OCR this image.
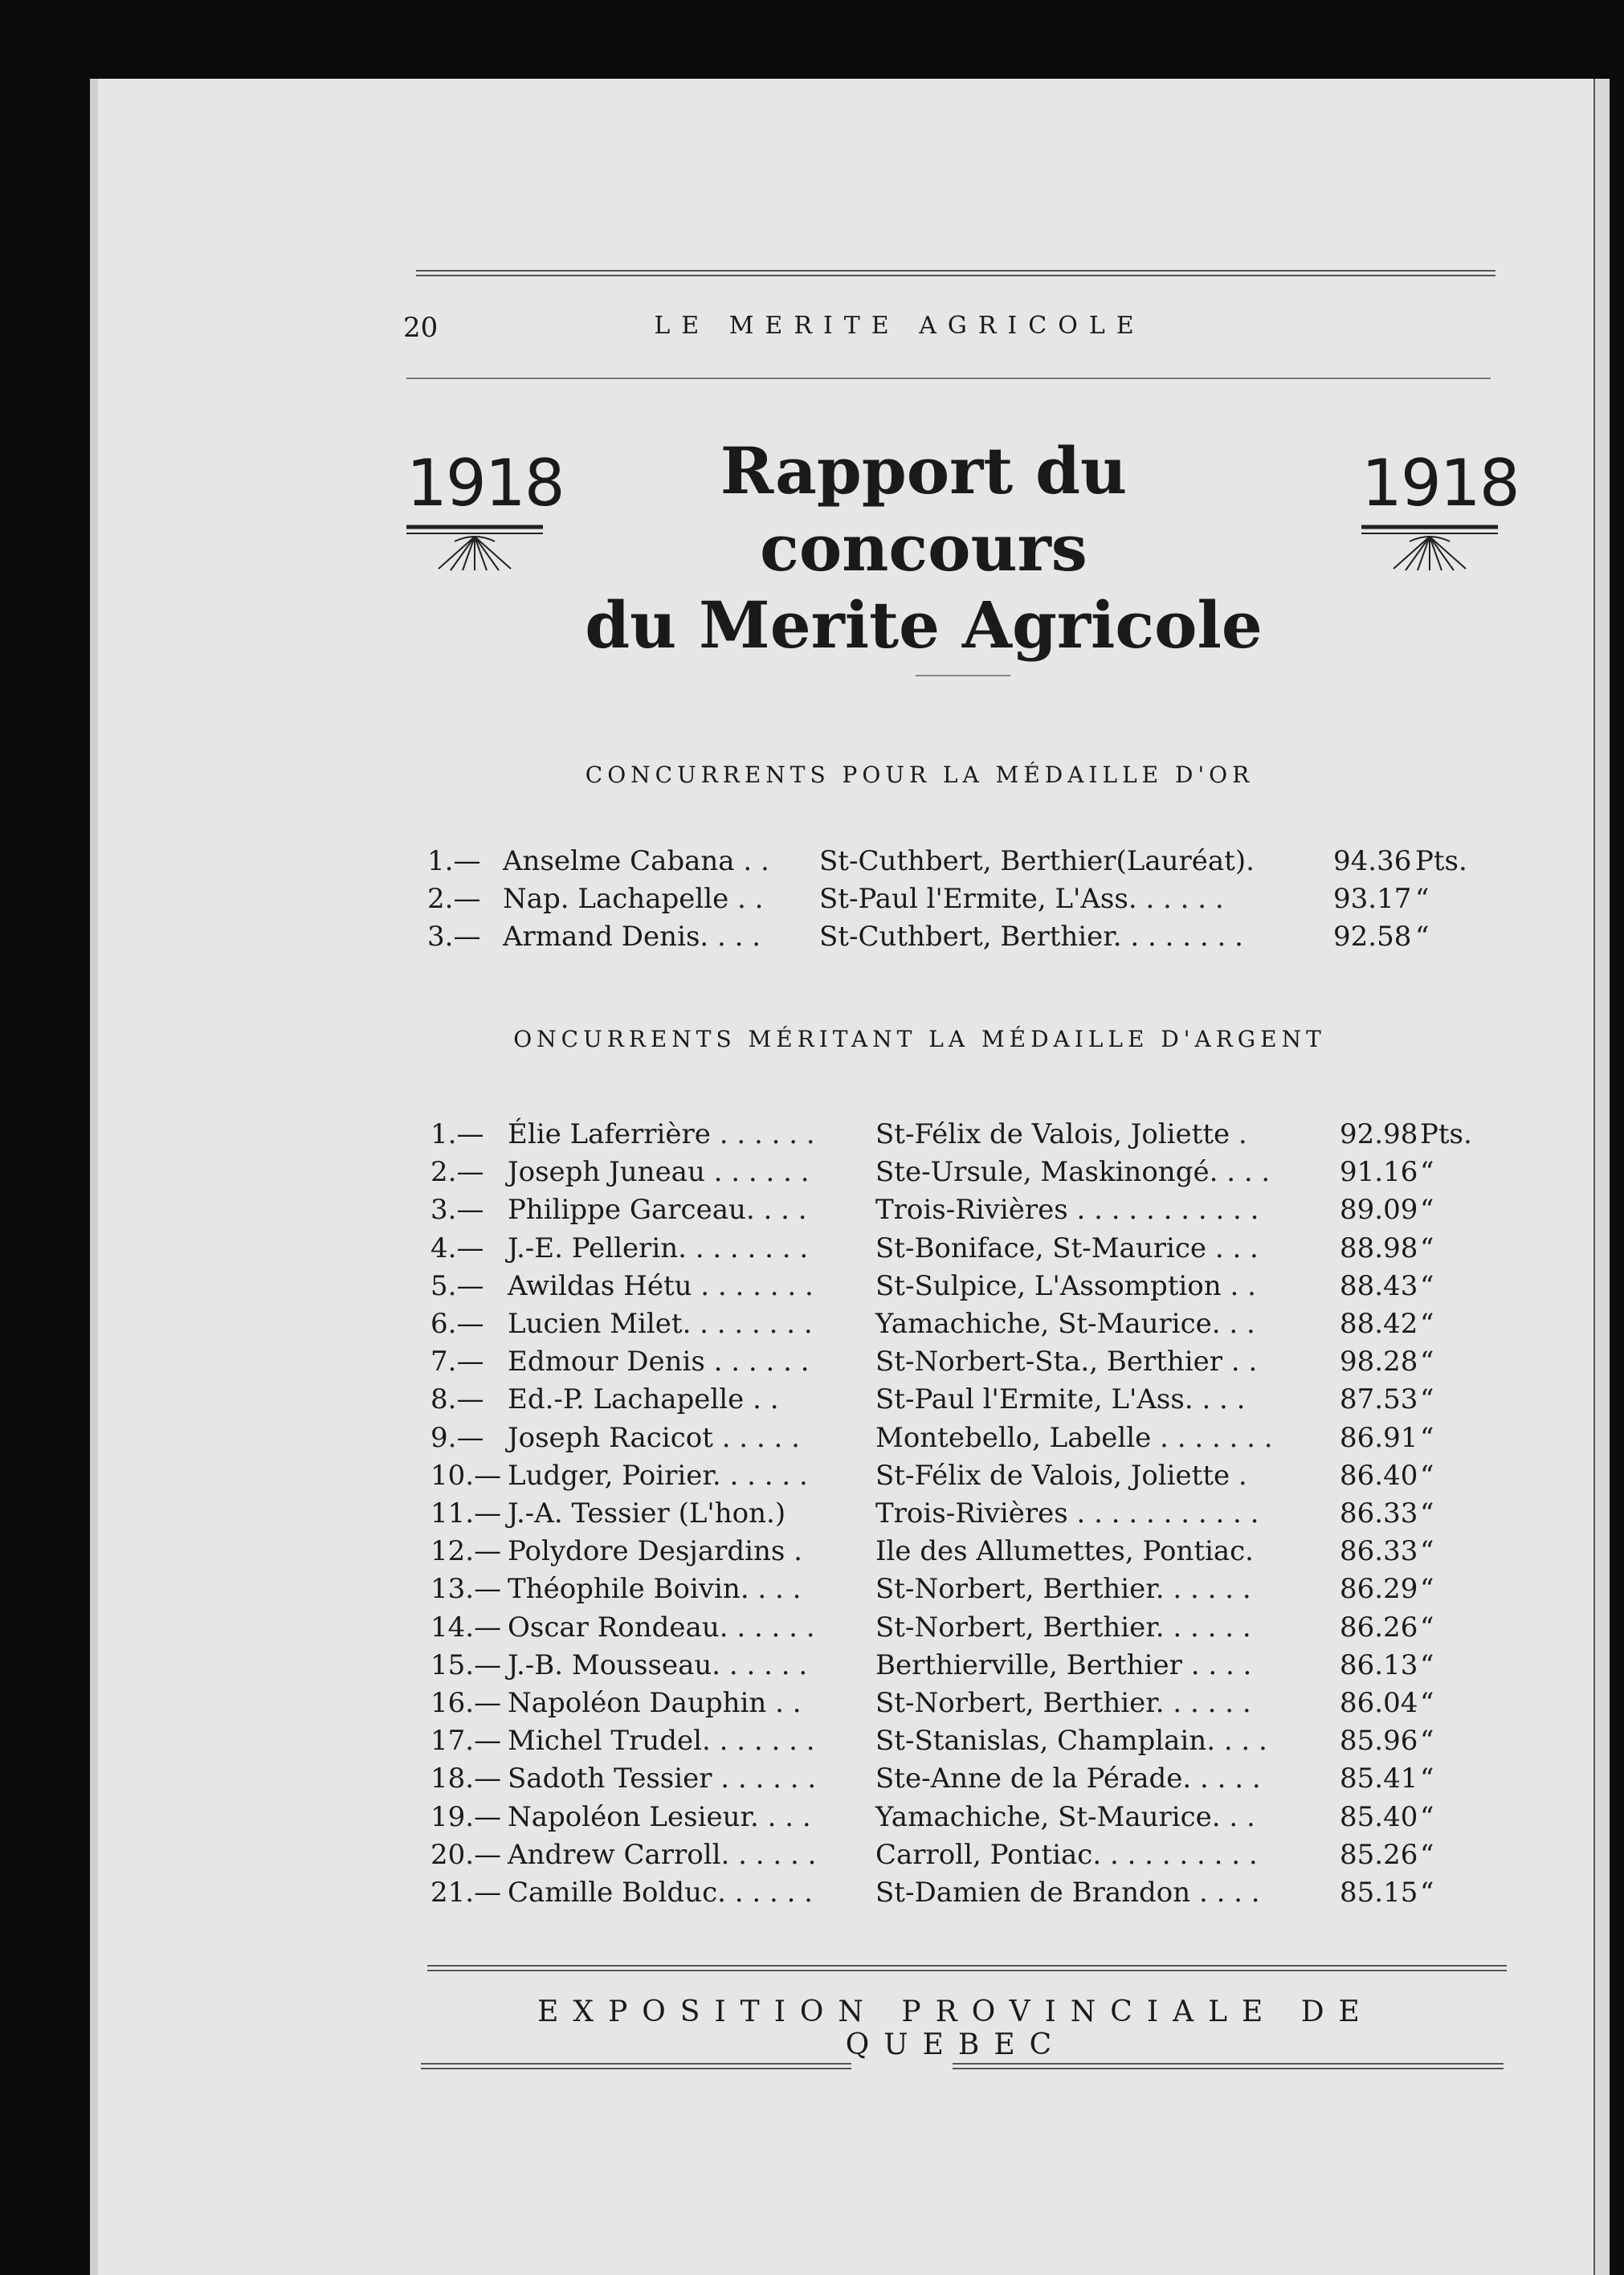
20	LE MERITE AGRICOLE
1918	1918
Rapport du concours
du Merite Agricole
CONCURRENTS POUR LA MÉDAILLE D'OR
1.— Anselme Cabana . . St-Cuthbert, Berthier(Lauréat).	94.36 Pts.
2.— Nap. Lachapelle . . St-Paul l'Ermite, L'Ass. . . . . .	93.17 “
3.— Armand Denis. . . . St-Cuthbert, Berthier. . . . . . . .	92.58 “
ONCURRENTS MÉRITANT LA MÉDAILLE D'ARGENT
1.— Élie Laferrière . . . . . . St-Félix de Valois, Joliette .	92.98 Pts.
2.— Joseph Juneau . . . . . . Ste-Ursule, Maskinongé. . . .	91.16 “
3.— Philippe Garceau. . . .	Trois-Rivières . . . . . . . . . . .	89.09 “
4.— J.-E. Pellerin. . . . . . . . St-Boniface, St-Maurice . . .	88.98 “
5.— Awildas Hétu . . . . . . . St-Sulpice, L'Assomption . .	88.43 “
6.— Lucien Milet. . . . . . . . Yamachiche, St-Maurice. . .	88.42 “
7.— Edmour Denis . . . . . . St-Norbert-Sta., Berthier . .	98.28 “
8.— Ed.-P. Lachapelle . .	St-Paul l'Ermite, L'Ass. . . .	87.53 “
9.— Joseph Racicot . . . . .	Montebello, Labelle . . . . . . . 86.91 “
10.— Ludger, Poirier. . . . . . St-Félix de Valois, Joliette .	86.40 “
11.— J.-A. Tessier (L'hon.)	Trois-Rivières . . . . . . . . . . .	86.33 “
12.— Polydore Desjardins .	Ile des Allumettes, Pontiac.	86.33 “
13.— Théophile Boivin. . . .	St-Norbert, Berthier. . . . . .	86.29 “
14.— Oscar Rondeau. . . . . . St-Norbert, Berthier. . . . . .	86.26 “
15.— J.-B. Mousseau. . . . . . Berthierville, Berthier . . . .	86.13 “
16.— Napoléon Dauphin . .	St-Norbert, Berthier. . . . . .	86.04 “
17.— Michel Trudel. . . . . . . St-Stanislas, Champlain. . . .	85.96 “
18.— Sadoth Tessier . . . . . . Ste-Anne de la Pérade. . . . .	85.41 “
19.— Napoléon Lesieur. . . . Yamachiche, St-Maurice. . .	85.40 “
20.— Andrew Carroll. . . . . . Carroll, Pontiac. . . . . . . . . .	85.26 “
21.— Camille Bolduc. . . . . . St-Damien de Brandon . . . .	85.15 “
EXPOSITION PROVINCIALE DE QUEBEC
